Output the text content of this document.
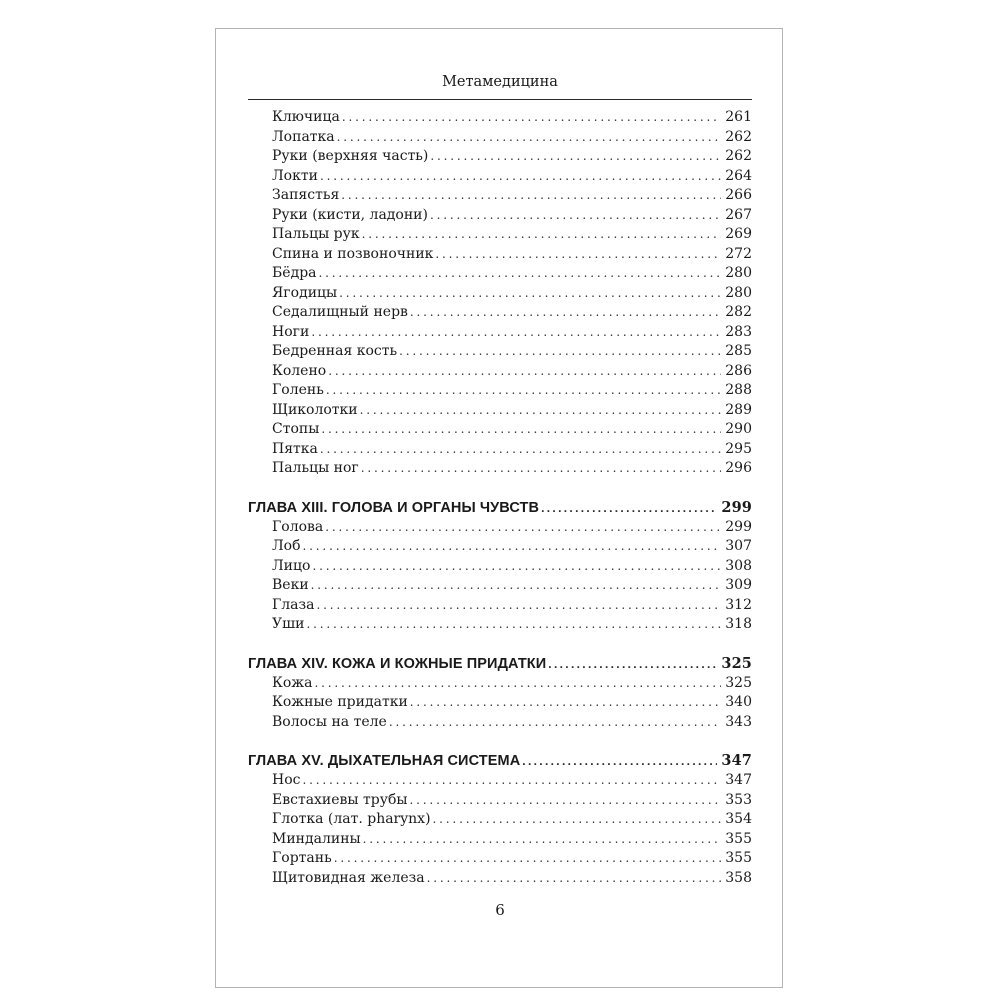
Метамедицина
Ключица . . .	261
Лопатка . . .	262
Руки (верхняя часть) . . .	262
Локти . . .	264
Запястья . . .	266
Руки (кисти, ладони) . . .	267
Пальцы рук . . .	269
Спина и позвоночник . . .	272
Бёдра . . .	280
Ягодицы . . .	280
Седалищный нерв . . .	282
Ноги . . .	283
Бедренная кость . . .	285
Колено . . .	286
Голень . . .	288
Щиколотки . . .	289
Стопы . . .	290
Пятка . . .	295
Пальцы ног . . .	296
ГЛАВА XIII. ГОЛОВА И ОРГАНЫ ЧУВСТВ . . .	299
Голова . . .	299
Лоб . . .	307
Лицо . . .	308
Веки . . .	309
Глаза . . .	312
Уши . . .	318
ГЛАВА XIV. КОЖА И КОЖНЫЕ ПРИДАТКИ . . .	325
Кожа . . .	325
Кожные придатки . . .	340
Волосы на теле . . .	343
ГЛАВА XV. ДЫХАТЕЛЬНАЯ СИСТЕМА . . .	347
Нос . . .	347
Евстахиевы трубы . . .	353
Глотка (лат. pharynx) . . .	354
Миндалины . . .	355
Гортань . . .	355
Щитовидная железа . . .	358
6
